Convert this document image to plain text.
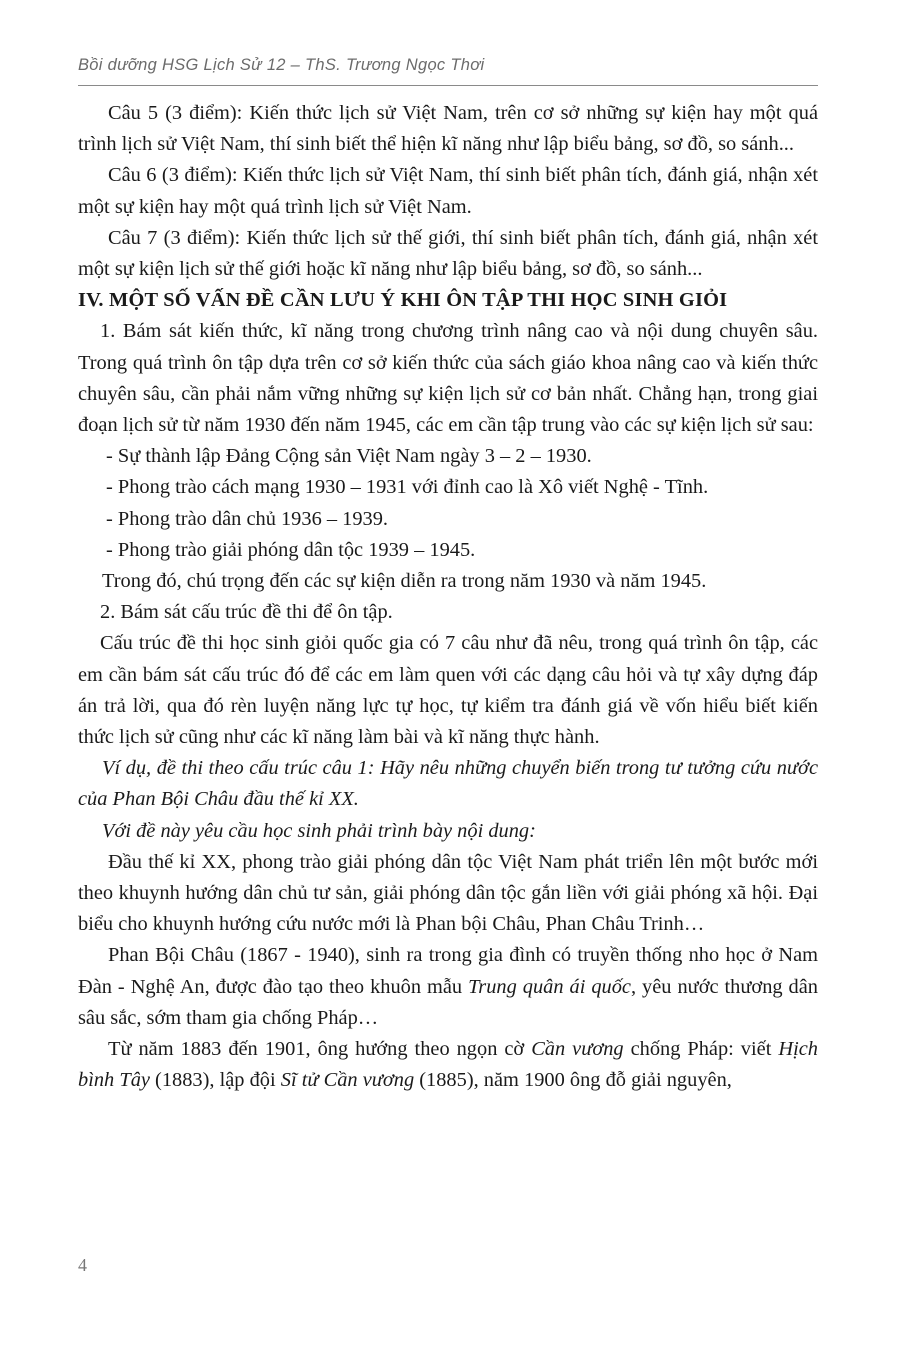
Bồi dưỡng HSG Lịch Sử 12 – ThS. Trương Ngọc Thơi

Câu 5 (3 điểm): Kiến thức lịch sử Việt Nam, trên cơ sở những sự kiện hay một quá trình lịch sử Việt Nam, thí sinh biết thể hiện kĩ năng như lập biểu bảng, sơ đồ, so sánh...

Câu 6 (3 điểm): Kiến thức lịch sử Việt Nam, thí sinh biết phân tích, đánh giá, nhận xét một sự kiện hay một quá trình lịch sử Việt Nam.

Câu 7 (3 điểm): Kiến thức lịch sử thế giới, thí sinh biết phân tích, đánh giá, nhận xét một sự kiện lịch sử thế giới hoặc kĩ năng như lập biểu bảng, sơ đồ, so sánh...

IV. MỘT SỐ VẤN ĐỀ CẦN LƯU Ý KHI ÔN TẬP THI HỌC SINH GIỎI

1. Bám sát kiến thức, kĩ năng trong chương trình nâng cao và nội dung chuyên sâu. Trong quá trình ôn tập dựa trên cơ sở kiến thức của sách giáo khoa nâng cao và kiến thức chuyên sâu, cần phải nắm vững những sự kiện lịch sử cơ bản nhất. Chẳng hạn, trong giai đoạn lịch sử từ năm 1930 đến năm 1945, các em cần tập trung vào các sự kiện lịch sử sau:

- Sự thành lập Đảng Cộng sản Việt Nam ngày 3 – 2 – 1930.

- Phong trào cách mạng 1930 – 1931 với đỉnh cao là Xô viết Nghệ - Tĩnh.

- Phong trào dân chủ 1936 – 1939.

- Phong trào giải phóng dân tộc 1939 – 1945.

Trong đó, chú trọng đến các sự kiện diễn ra trong năm 1930 và năm 1945.

2. Bám sát cấu trúc đề thi để ôn tập.

Cấu trúc đề thi học sinh giỏi quốc gia có 7 câu như đã nêu, trong quá trình ôn tập, các em cần bám sát cấu trúc đó để các em làm quen với các dạng câu hỏi và tự xây dựng đáp án trả lời, qua đó rèn luyện năng lực tự học, tự kiểm tra đánh giá về vốn hiểu biết kiến thức lịch sử cũng như các kĩ năng làm bài và kĩ năng thực hành.

Ví dụ, đề thi theo cấu trúc câu 1: Hãy nêu những chuyển biến trong tư tưởng cứu nước của Phan Bội Châu đầu thế kỉ XX.

Với đề này yêu cầu học sinh phải trình bày nội dung:

Đầu thế kỉ XX, phong trào giải phóng dân tộc Việt Nam phát triển lên một bước mới theo khuynh hướng dân chủ tư sản, giải phóng dân tộc gắn liền với giải phóng xã hội. Đại biểu cho khuynh hướng cứu nước mới là Phan bội Châu, Phan Châu Trinh…

Phan Bội Châu (1867 - 1940), sinh ra trong gia đình có truyền thống nho học ở Nam Đàn - Nghệ An, được đào tạo theo khuôn mẫu Trung quân ái quốc, yêu nước thương dân sâu sắc, sớm tham gia chống Pháp…

Từ năm 1883 đến 1901, ông hướng theo ngọn cờ Cần vương chống Pháp: viết Hịch bình Tây (1883), lập đội Sĩ tử Cần vương (1885), năm 1900 ông đỗ giải nguyên,

4
